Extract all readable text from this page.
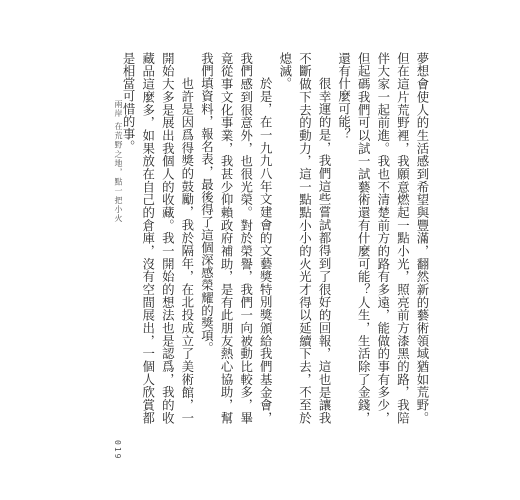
夢想會使人的生活感到希望與豐滿，翻然新的藝術領域猶如荒野。但在這片荒野裡，我願意燃起一點小光，照亮前方漆黑的路，我陪伴大家一起前進。我也不清楚前方的路有多遠，能做的事有多少，但起碼我們可以試一試藝術還有什麼可能？人生，生活除了金錢，還有什麼可能？

很幸運的是，我們這些嘗試都得到了很好的回報，這也是讓我不斷做下去的動力，這一點點小小的火光才得以延續下去，不至於熄滅。

於是，在一九九八年文建會的文藝獎特別獎頒給我們基金會，我們感到很意外，也很光榮。對於榮譽，我們一向被動比較多，畢竟從事文化事業，我甚少仰賴政府補助，是有此朋友熱心協助，幫我們填資料，報名表，最後得了這個深感榮耀的獎項。

也許是因爲得獎的鼓勵，我於隔年，在北投成立了美術館，一開始大多是展出我個人的收藏。我一開始的想法也是認爲，我的收藏品這麼多，如果放在自己的倉庫，沒有空間展出，一個人欣賞都是相當可惜的事。

兩岸 在荒野之地，點一把小火
019
